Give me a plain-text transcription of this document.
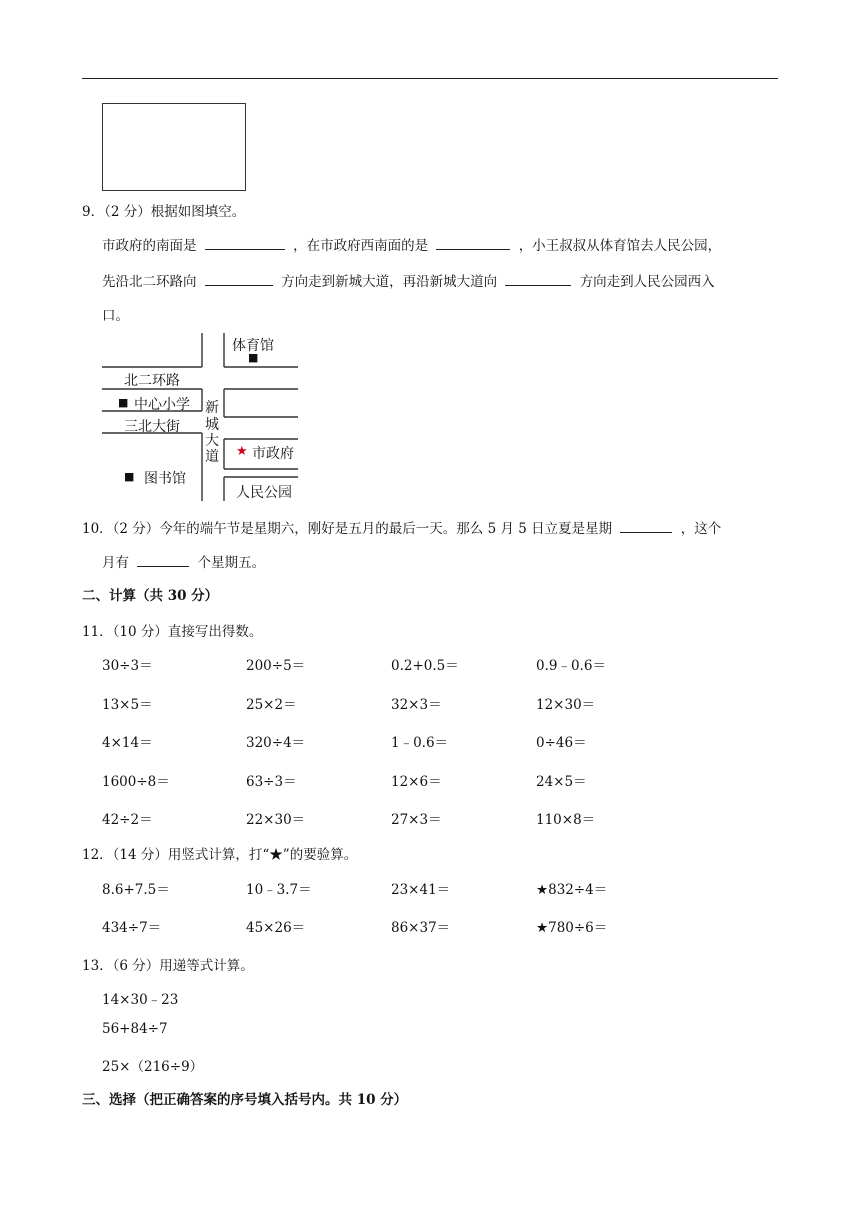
9．（2 分）根据如图填空。
市政府的南面是	，在市政府西南面的是	，小王叔叔从体育馆去人民公园，
先沿北二环路向	方向走到新城大道，再沿新城大道向	方向走到人民公园西入
口。
体育馆
■
北二环路
■ 中心小学 新
城
大
道
三北大街
★ 市政府
■ 图书馆
人民公园
10．（2 分）今年的端午节是星期六，刚好是五月的最后一天。那么 5 月 5 日立夏是星期	，这个
月有	个星期五。
二、计算（共 30 分）
11．（10 分）直接写出得数。
30÷3＝	200÷5＝	0.2+0.5＝	0.9﹣0.6＝
13×5＝	25×2＝	32×3＝	12×30＝
4×14＝	320÷4＝	1﹣0.6＝	0÷46＝
1600÷8＝	63÷3＝	12×6＝	24×5＝
42÷2＝	22×30＝	27×3＝	110×8＝
12．（14 分）用竖式计算，打“★”的要验算。
8.6+7.5＝	10﹣3.7＝	23×41＝	★832÷4＝
434÷7＝	45×26＝	86×37＝	★780÷6＝
13．（6 分）用递等式计算。
14×30﹣23
56+84÷7
25×（216÷9）
三、选择（把正确答案的序号填入括号内。共 10 分）
